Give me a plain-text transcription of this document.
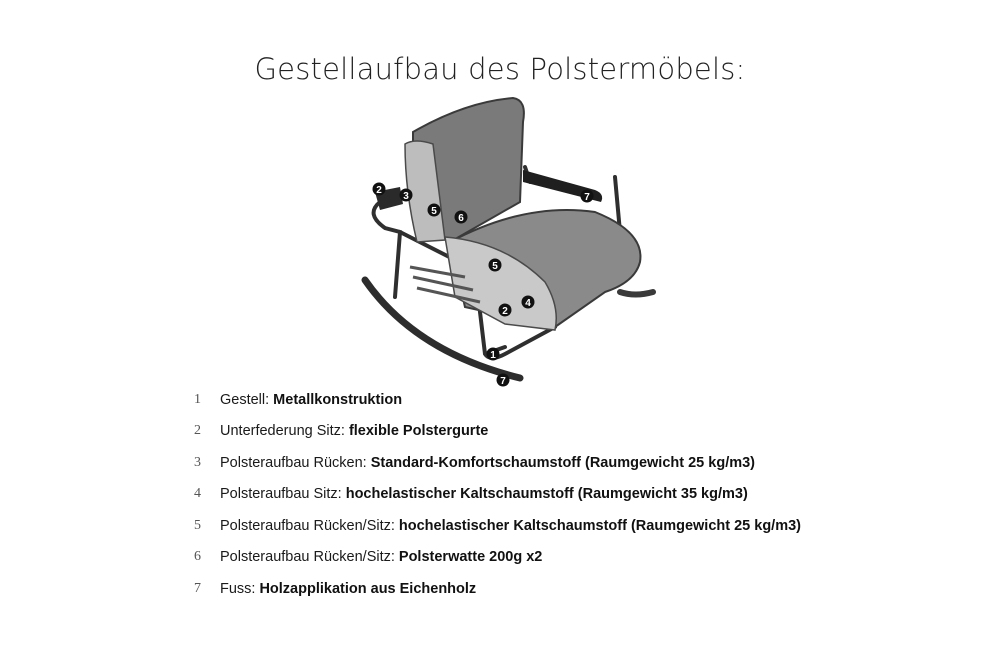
Gestellaufbau des Polstermöbels:
2
3
5
6
7
5
4
2
1
7
1	Gestell: Metallkonstruktion
2	Unterfederung Sitz: flexible Polstergurte
3	Polsteraufbau Rücken: Standard-Komfortschaumstoff (Raumgewicht 25 kg/m3)
4	Polsteraufbau Sitz: hochelastischer Kaltschaumstoff (Raumgewicht 35 kg/m3)
5	Polsteraufbau Rücken/Sitz: hochelastischer Kaltschaumstoff (Raumgewicht 25 kg/m3)
6	Polsteraufbau Rücken/Sitz: Polsterwatte 200g x2
7	Fuss: Holzapplikation aus Eichenholz
